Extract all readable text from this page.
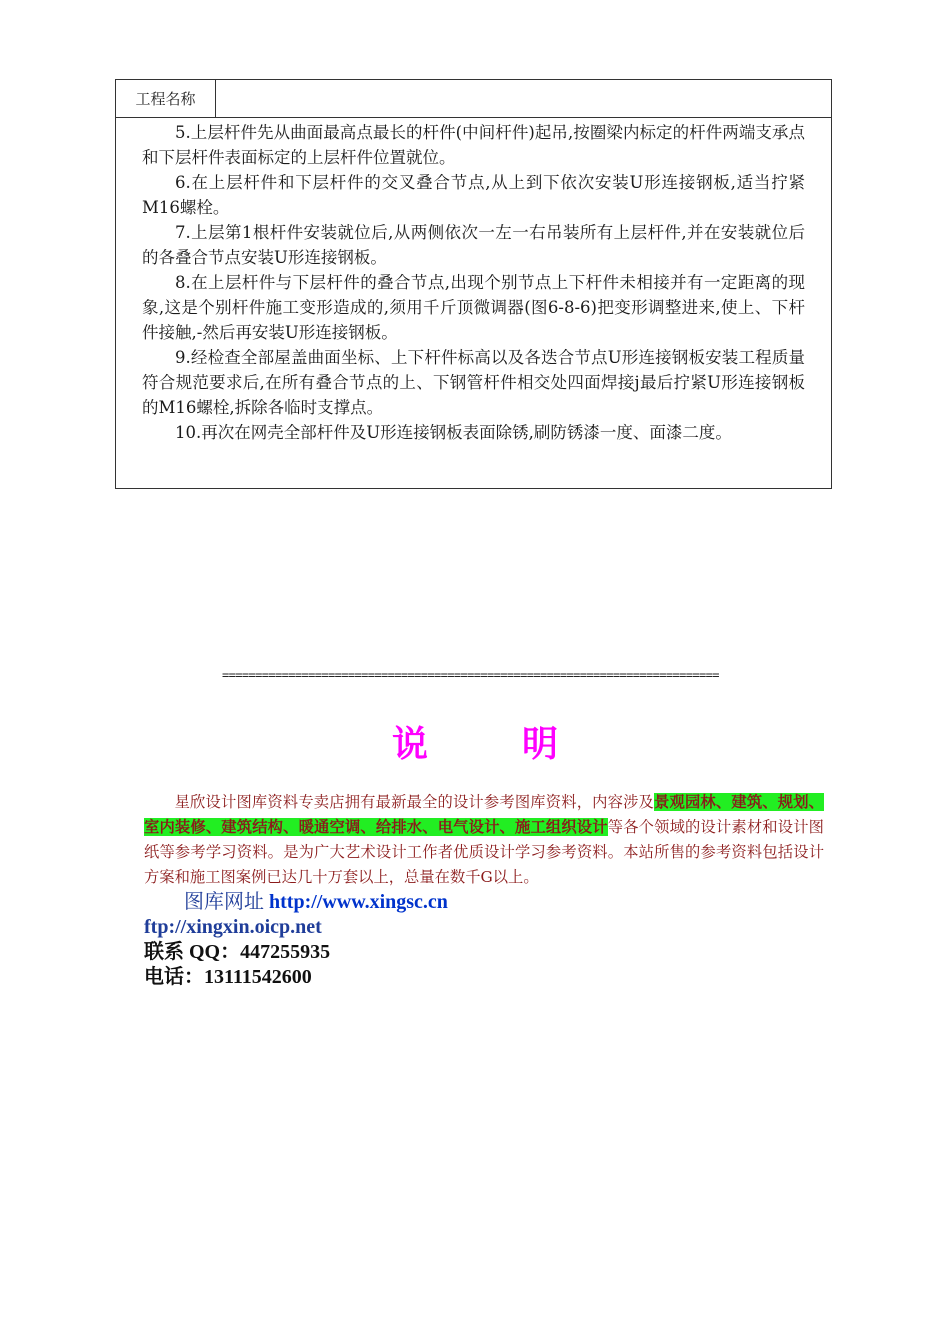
工程名称

5.上层杆件先从曲面最高点最长的杆件(中间杆件)起吊,按圈梁内标定的杆件两端支承点和下层杆件表面标定的上层杆件位置就位。

6.在上层杆件和下层杆件的交叉叠合节点,从上到下依次安装U形连接钢板,适当拧紧M16螺栓。

7.上层第1根杆件安装就位后,从两侧依次一左一右吊装所有上层杆件,并在安装就位后的各叠合节点安装U形连接钢板。

8.在上层杆件与下层杆件的叠合节点,出现个别节点上下杆件未相接并有一定距离的现象,这是个别杆件施工变形造成的,须用千斤顶微调器(图6-8-6)把变形调整进来,使上、下杆件接触,-然后再安装U形连接钢板。

9.经检查全部屋盖曲面坐标、上下杆件标高以及各迭合节点U形连接钢板安装工程质量符合规范要求后,在所有叠合节点的上、下钢管杆件相交处四面焊接j最后拧紧U形连接钢板的M16螺栓,拆除各临时支撑点。

10.再次在网壳全部杆件及U形连接钢板表面除锈,刷防锈漆一度、面漆二度。

===========================================================================
说明

星欣设计图库资料专卖店拥有最新最全的设计参考图库资料，内容涉及景观园林、建筑、规划、室内装修、建筑结构、暖通空调、给排水、电气设计、施工组织设计等各个领域的设计素材和设计图纸等参考学习资料。是为广大艺术设计工作者优质设计学习参考资料。本站所售的参考资料包括设计方案和施工图案例已达几十万套以上，总量在数千G以上。

图库网址 http://www.xingsc.cn
ftp://xingxin.oicp.net
联系 QQ：447255935
电话：13111542600
